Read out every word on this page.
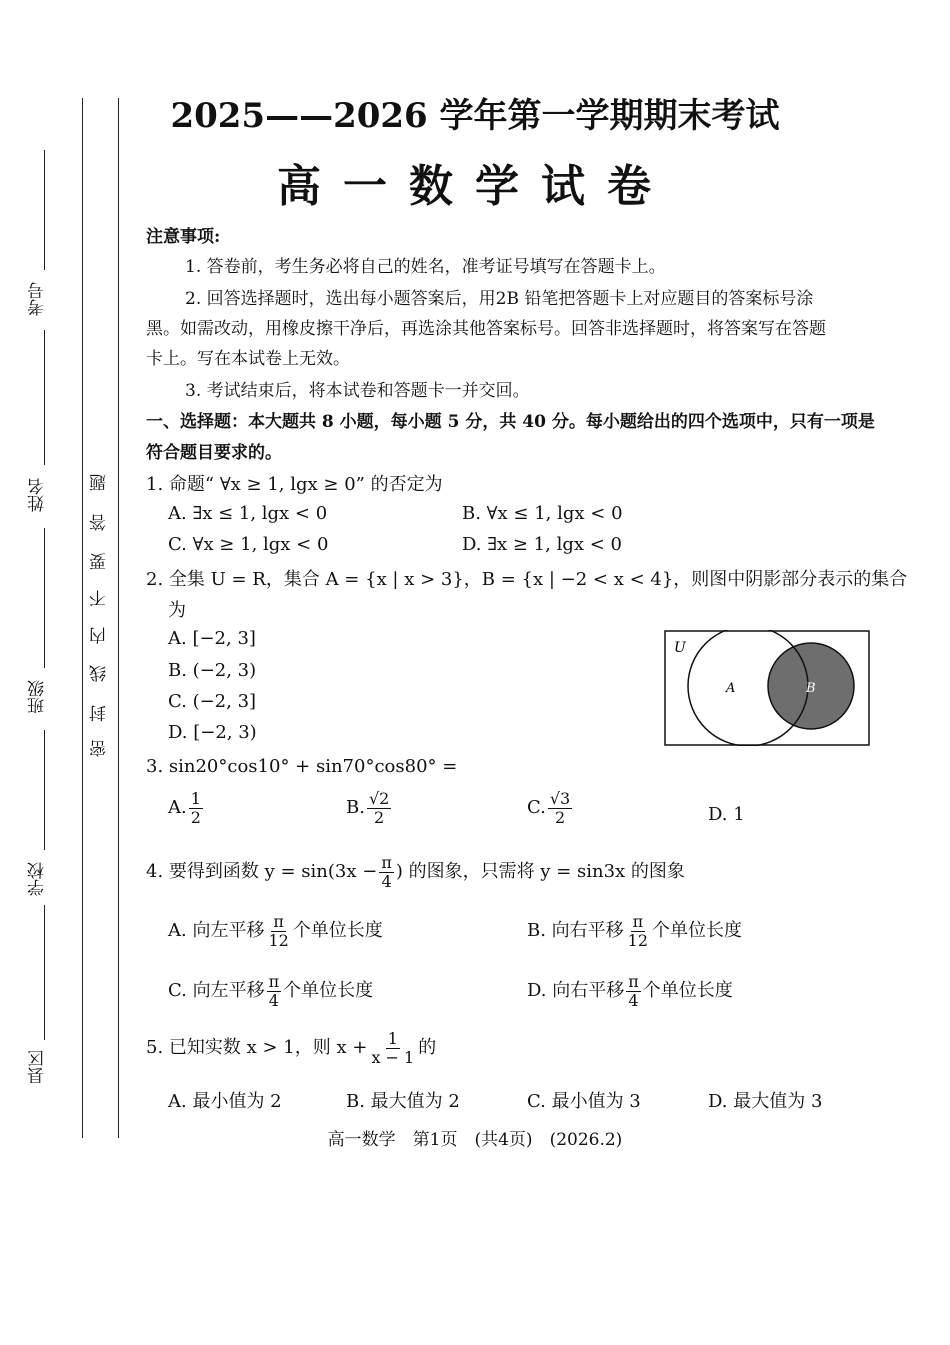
考号
姓名
班级
学校
县区
密
封
线
内
不
要
答
题
2025——2026 学年第一学期期末考试
高一数学试卷
注意事项:
1. 答卷前，考生务必将自己的姓名，准考证号填写在答题卡上。
2. 回答选择题时，选出每小题答案后，用2B 铅笔把答题卡上对应题目的答案标号涂
黑。如需改动，用橡皮擦干净后，再选涂其他答案标号。回答非选择题时，将答案写在答题
卡上。写在本试卷上无效。
3. 考试结束后，将本试卷和答题卡一并交回。
一、选择题：本大题共 8 小题，每小题 5 分，共 40 分。每小题给出的四个选项中，只有一项是
符合题目要求的。
1. 命题“ ∀x ≥ 1, lgx ≥ 0” 的否定为
A. ∃x ≤ 1, lgx < 0	B. ∀x ≤ 1, lgx < 0
C. ∀x ≥ 1, lgx < 0	D. ∃x ≥ 1, lgx < 0
2. 全集 U = R，集合 A = {x | x > 3}，B = {x | −2 < x < 4}，则图中阴影部分表示的集合
为
A. [−2, 3]
B. (−2, 3)
C. (−2, 3]
D. [−2, 3)
U
A	B
3. sin20°cos10° + sin70°cos80° =
A. $\frac{1}{2}$	B. $\frac{√2}{2}$	C. $\frac{√3}{2}$	D. 1
4. 要得到函数 $y = \sin(3x - \frac{\pi}{4}$ ) 的图象，只需将 y = sin3x 的图象
A. 向左平移 $\frac{\pi}{12}$ 个单位长度	B. 向右平移 $\frac{\pi}{12}$ 个单位长度
C. 向左平移 $\frac{\pi}{4}$ 个单位长度	D. 向右平移 $\frac{\pi}{4}$ 个单位长度
5. 已知实数 x > 1，则 $x + \frac{1}{x - 1}$ 的
A. 最小值为 2	B. 最大值为 2	C. 最小值为 3	D. 最大值为 3
高一数学　第1页　(共4页)　(2026.2)
